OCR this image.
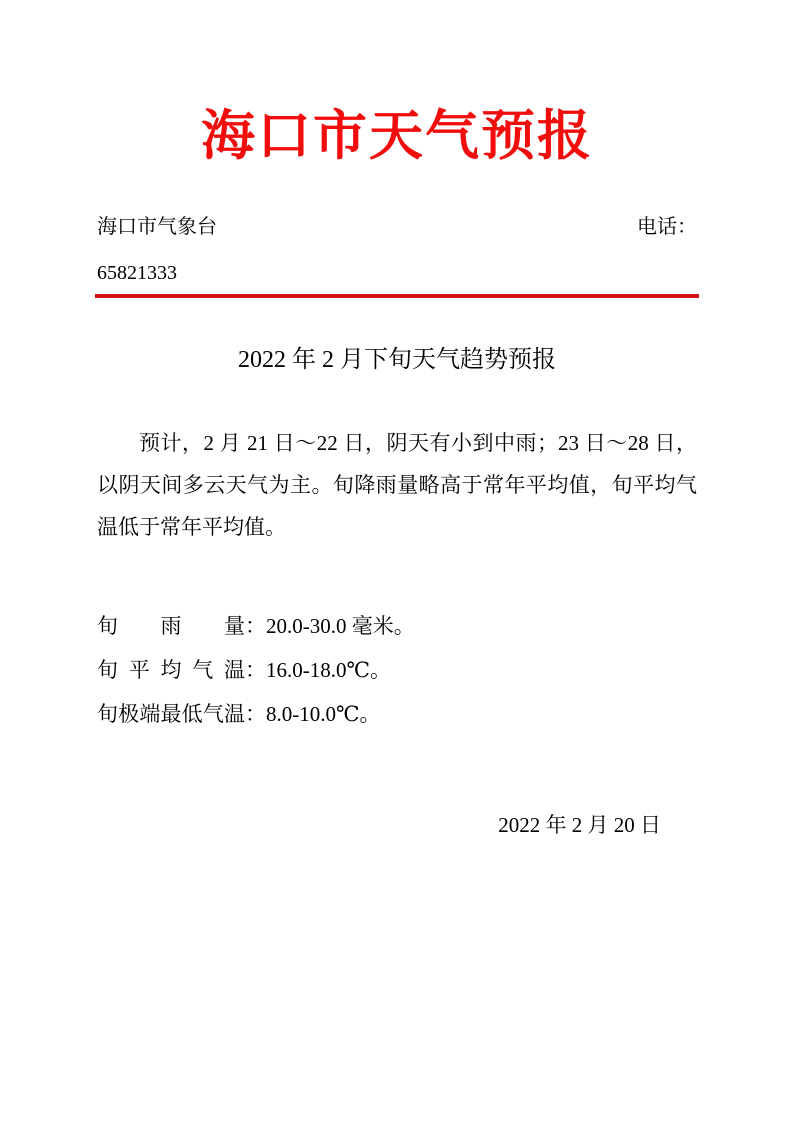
海口市天气预报
海口市气象台	电话：
65821333
2022 年 2 月下旬天气趋势预报
预计，2 月 21 日～22 日，阴天有小到中雨；23 日～28 日，以阴天间多云天气为主。旬降雨量略高于常年平均值，旬平均气温低于常年平均值。
旬雨量：20.0-30.0 毫米。
旬平均气温：16.0-18.0℃。
旬极端最低气温：8.0-10.0℃。
2022 年 2 月 20 日
